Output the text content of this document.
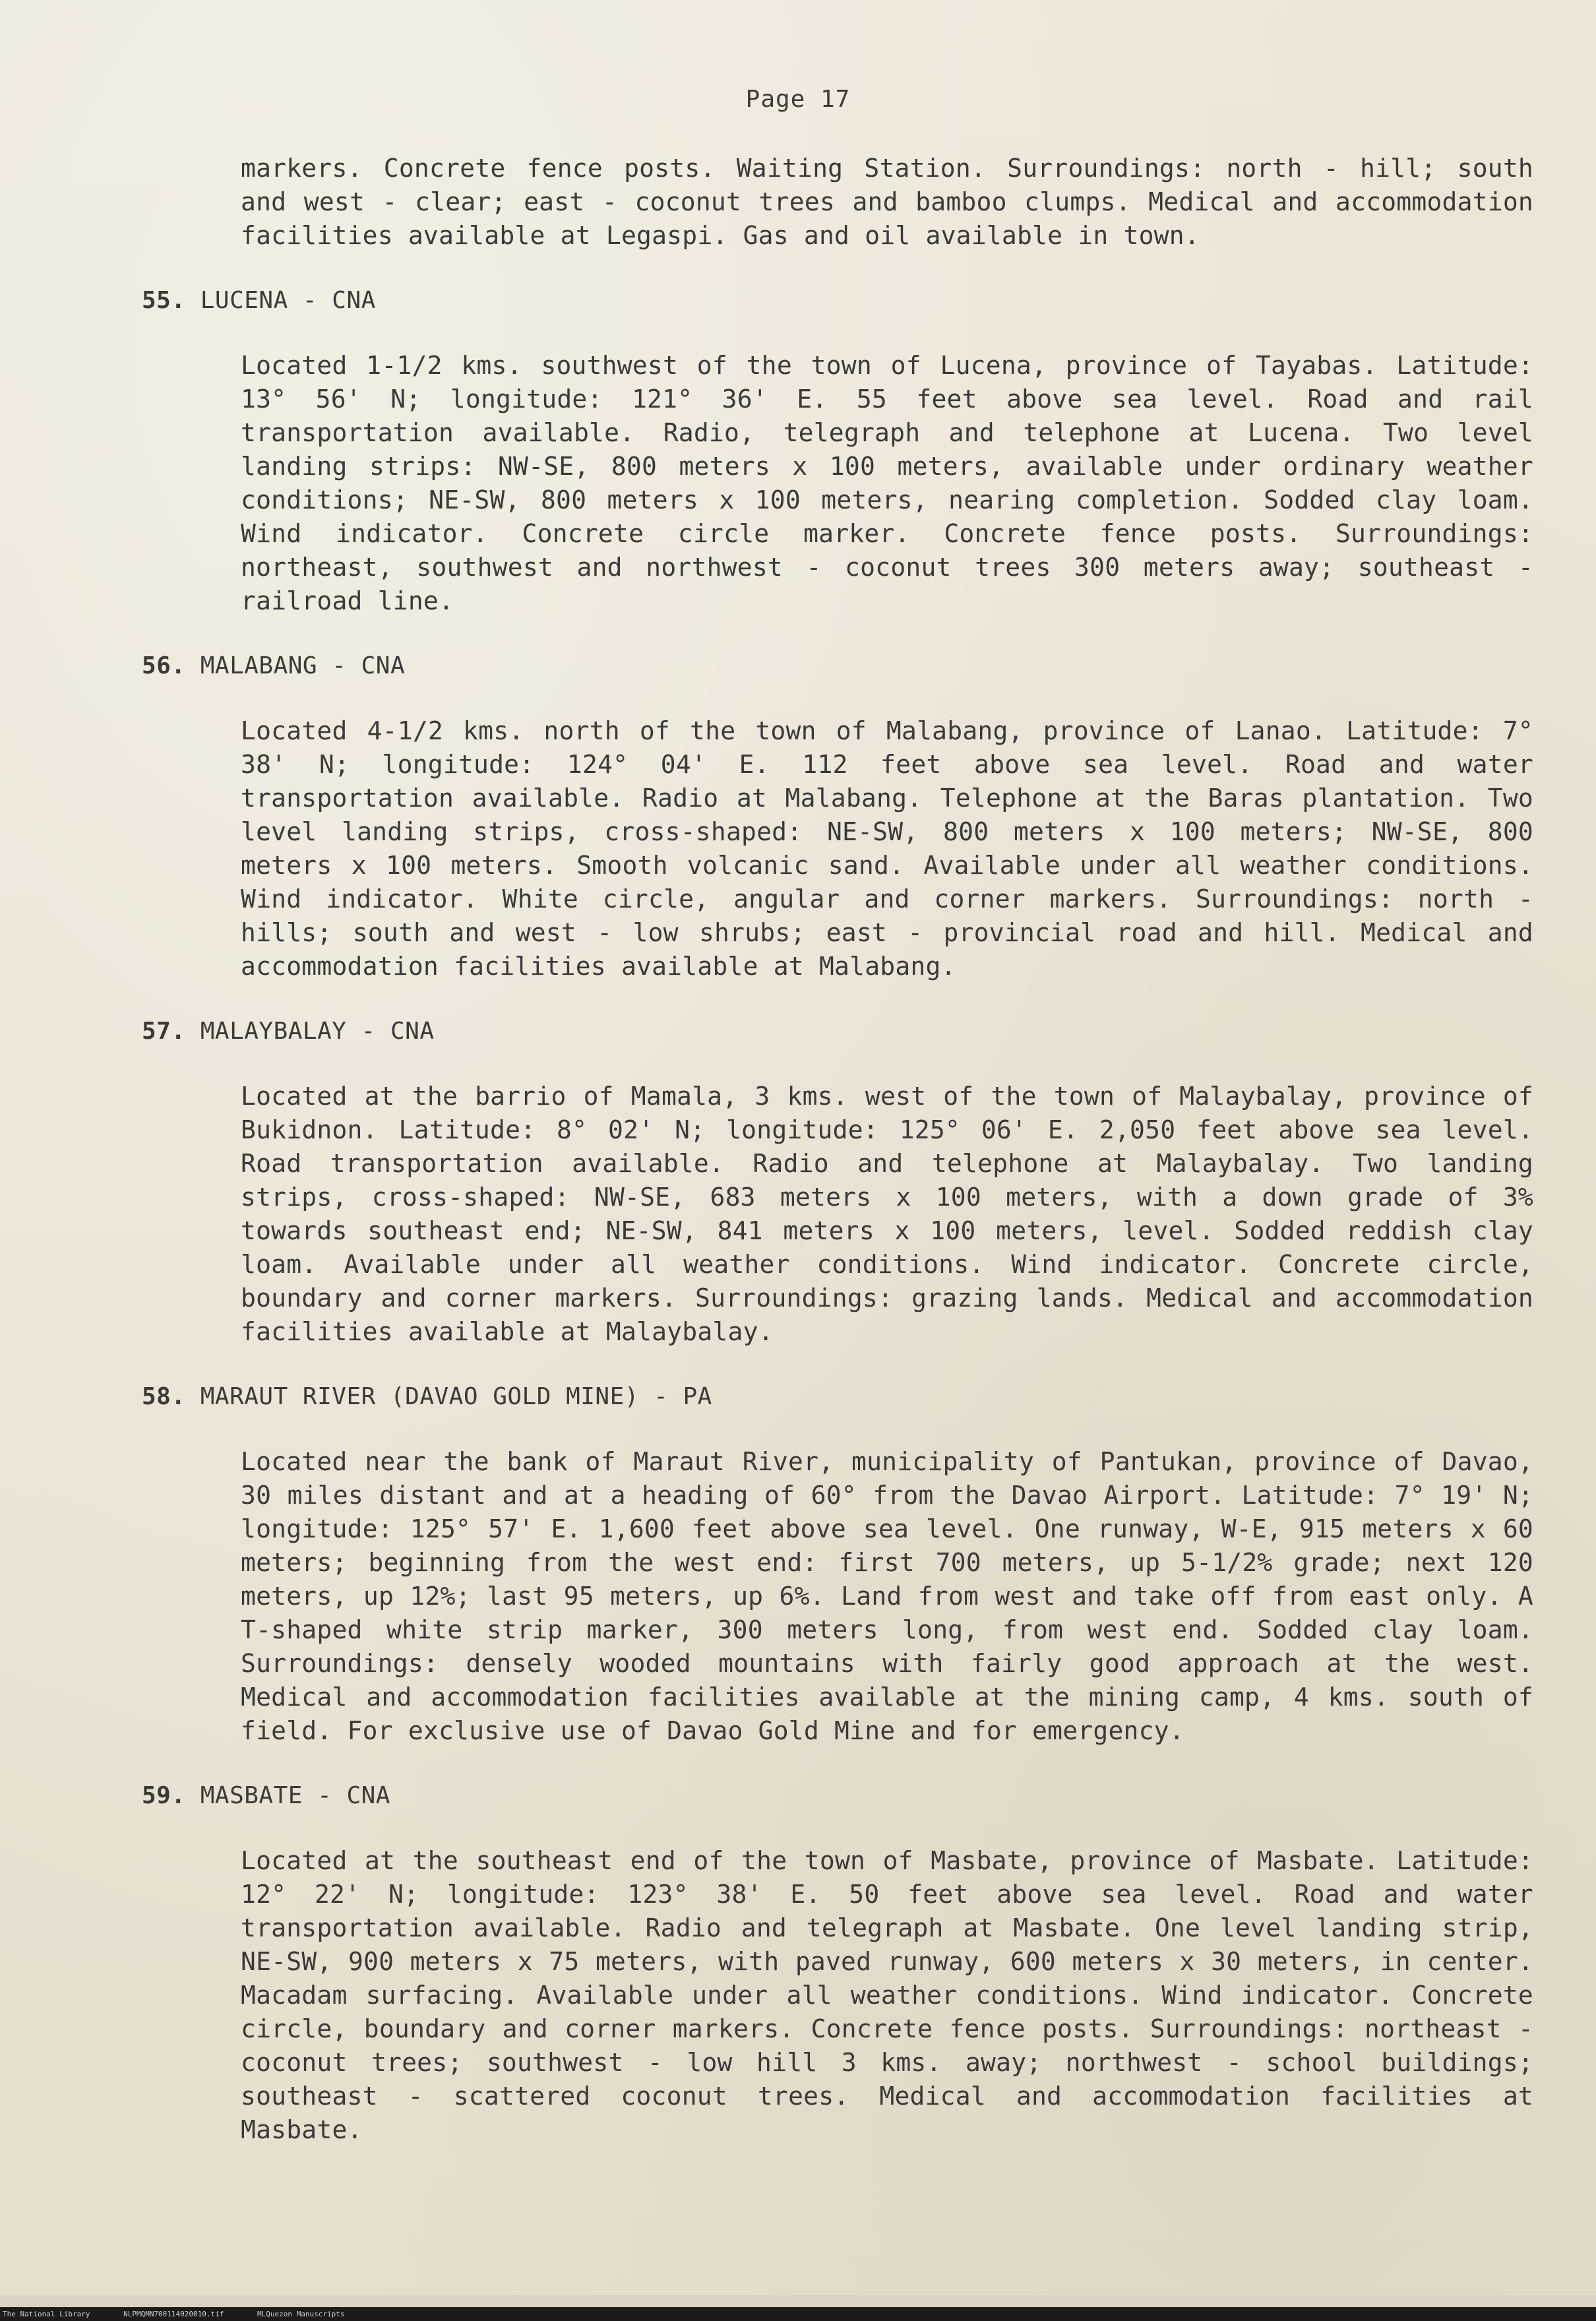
Page 17

markers. Concrete fence posts. Waiting Station. Surroundings: north - hill; south and west - clear; east - coconut trees and bamboo clumps. Medical and accommodation facilities available at Legaspi. Gas and oil available in town.

55. LUCENA - CNA

Located 1-1/2 kms. southwest of the town of Lucena, province of Tayabas. Latitude: 13° 56' N; longitude: 121° 36' E. 55 feet above sea level. Road and rail transportation available. Radio, telegraph and telephone at Lucena. Two level landing strips: NW-SE, 800 meters x 100 meters, available under ordinary weather conditions; NE-SW, 800 meters x 100 meters, nearing completion. Sodded clay loam. Wind indicator. Concrete circle marker. Concrete fence posts. Surroundings: northeast, southwest and northwest - coconut trees 300 meters away; southeast - railroad line.

56. MALABANG - CNA

Located 4-1/2 kms. north of the town of Malabang, province of Lanao. Latitude: 7° 38' N; longitude: 124° 04' E. 112 feet above sea level. Road and water transportation available. Radio at Malabang. Telephone at the Baras plantation. Two level landing strips, cross-shaped: NE-SW, 800 meters x 100 meters; NW-SE, 800 meters x 100 meters. Smooth volcanic sand. Available under all weather conditions. Wind indicator. White circle, angular and corner markers. Surroundings: north - hills; south and west - low shrubs; east - provincial road and hill. Medical and accommodation facilities available at Malabang.

57. MALAYBALAY - CNA

Located at the barrio of Mamala, 3 kms. west of the town of Malaybalay, province of Bukidnon. Latitude: 8° 02' N; longitude: 125° 06' E. 2,050 feet above sea level. Road transportation available. Radio and telephone at Malaybalay. Two landing strips, cross-shaped: NW-SE, 683 meters x 100 meters, with a down grade of 3% towards southeast end; NE-SW, 841 meters x 100 meters, level. Sodded reddish clay loam. Available under all weather conditions. Wind indicator. Concrete circle, boundary and corner markers. Surroundings: grazing lands. Medical and accommodation facilities available at Malaybalay.

58. MARAUT RIVER (DAVAO GOLD MINE) - PA

Located near the bank of Maraut River, municipality of Pantukan, province of Davao, 30 miles distant and at a heading of 60° from the Davao Airport. Latitude: 7° 19' N; longitude: 125° 57' E. 1,600 feet above sea level. One runway, W-E, 915 meters x 60 meters; beginning from the west end: first 700 meters, up 5-1/2% grade; next 120 meters, up 12%; last 95 meters, up 6%. Land from west and take off from east only. A T-shaped white strip marker, 300 meters long, from west end. Sodded clay loam. Surroundings: densely wooded mountains with fairly good approach at the west. Medical and accommodation facilities available at the mining camp, 4 kms. south of field. For exclusive use of Davao Gold Mine and for emergency.

59. MASBATE - CNA

Located at the southeast end of the town of Masbate, province of Masbate. Latitude: 12° 22' N; longitude: 123° 38' E. 50 feet above sea level. Road and water transportation available. Radio and telegraph at Masbate. One level landing strip, NE-SW, 900 meters x 75 meters, with paved runway, 600 meters x 30 meters, in center. Macadam surfacing. Available under all weather conditions. Wind indicator. Concrete circle, boundary and corner markers. Concrete fence posts. Surroundings: northeast - coconut trees; southwest - low hill 3 kms. away; northwest - school buildings; southeast - scattered coconut trees. Medical and accommodation facilities at Masbate.

The National Library	NLPMQMN700114020010.tif	MLQuezon Manuscripts
